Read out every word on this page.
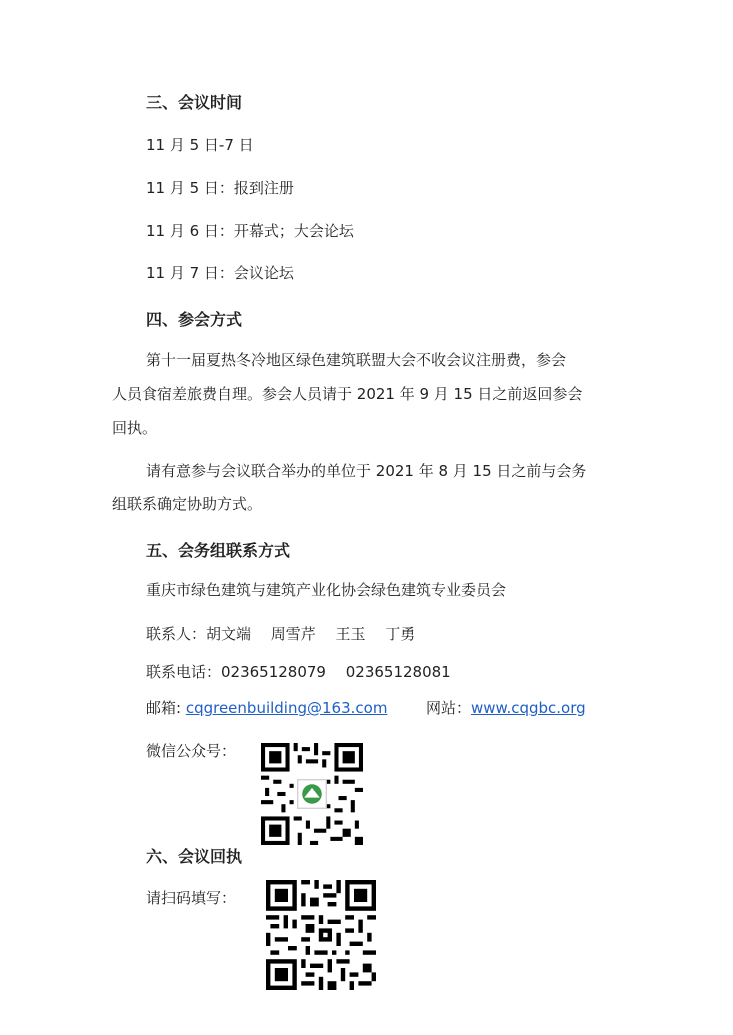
三、会议时间
11 月 5 日-7 日
11 月 5 日：报到注册
11 月 6 日：开幕式；大会论坛
11 月 7 日：会议论坛
四、参会方式
第十一届夏热冬冷地区绿色建筑联盟大会不收会议注册费，参会
人员食宿差旅费自理。参会人员请于 2021 年 9 月 15 日之前返回参会
回执。
请有意参与会议联合举办的单位于 2021 年 8 月 15 日之前与会务
组联系确定协助方式。
五、会务组联系方式
重庆市绿色建筑与建筑产业化协会绿色建筑专业委员会
联系人：胡文端　 周雪芹　 王玉　 丁勇
联系电话：02365128079　 02365128081
邮箱: cqgreenbuilding@163.com	网站：www.cqgbc.org
微信公众号：
六、会议回执
请扫码填写：
